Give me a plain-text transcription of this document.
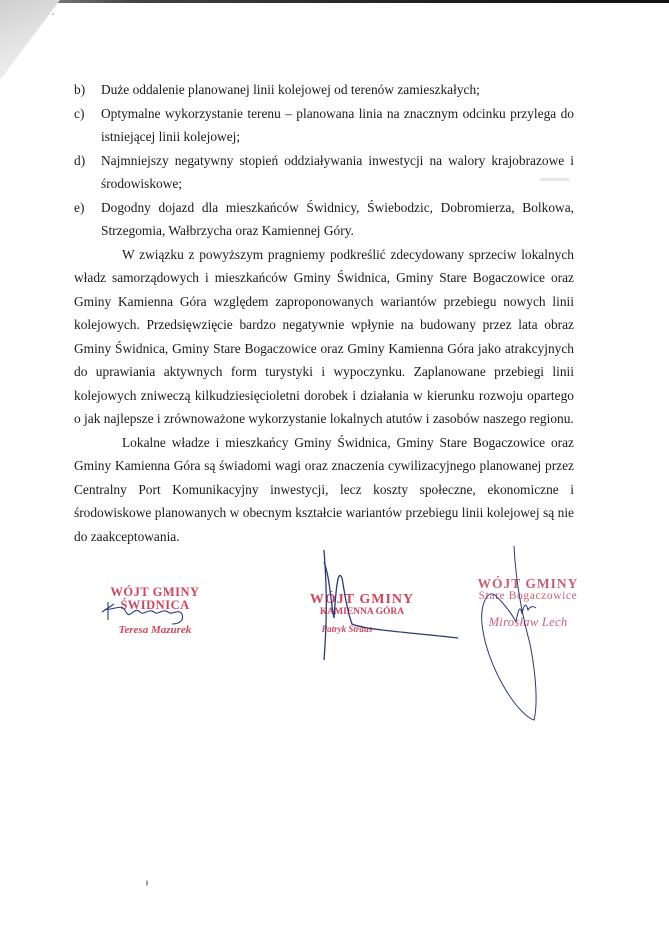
b)	Duże oddalenie planowanej linii kolejowej od terenów zamieszkałych;
c)	Optymalne wykorzystanie terenu – planowana linia na znacznym odcinku przylega do istniejącej linii kolejowej;
d)	Najmniejszy negatywny stopień oddziaływania inwestycji na walory krajobrazowe i środowiskowe;
e)	Dogodny dojazd dla mieszkańców Świdnicy, Świebodzic, Dobromierza, Bolkowa, Strzegomia, Wałbrzycha oraz Kamiennej Góry.

W związku z powyższym pragniemy podkreślić zdecydowany sprzeciw lokalnych władz samorządowych i mieszkańców Gminy Świdnica, Gminy Stare Bogaczowice oraz Gminy Kamienna Góra względem zaproponowanych wariantów przebiegu nowych linii kolejowych. Przedsięwzięcie bardzo negatywnie wpłynie na budowany przez lata obraz Gminy Świdnica, Gminy Stare Bogaczowice oraz Gminy Kamienna Góra jako atrakcyjnych do uprawiania aktywnych form turystyki i wypoczynku. Zaplanowane przebiegi linii kolejowych zniweczą kilkudziesięcioletni dorobek i działania w kierunku rozwoju opartego o jak najlepsze i zrównoważone wykorzystanie lokalnych atutów i zasobów naszego regionu.

Lokalne władze i mieszkańcy Gminy Świdnica, Gminy Stare Bogaczowice oraz Gminy Kamienna Góra są świadomi wagi oraz znaczenia cywilizacyjnego planowanej przez Centralny Port Komunikacyjny inwestycji, lecz koszty społeczne, ekonomiczne i środowiskowe planowanych w obecnym kształcie wariantów przebiegu linii kolejowej są nie do zaakceptowania.

WÓJT GMINY
ŚWIDNICA
Teresa Mazurek
WÓJT GMINY
KAMIENNA GÓRA
Patryk Straus
WÓJT GMINY
Stare Bogaczowice
Mirosław Lech
